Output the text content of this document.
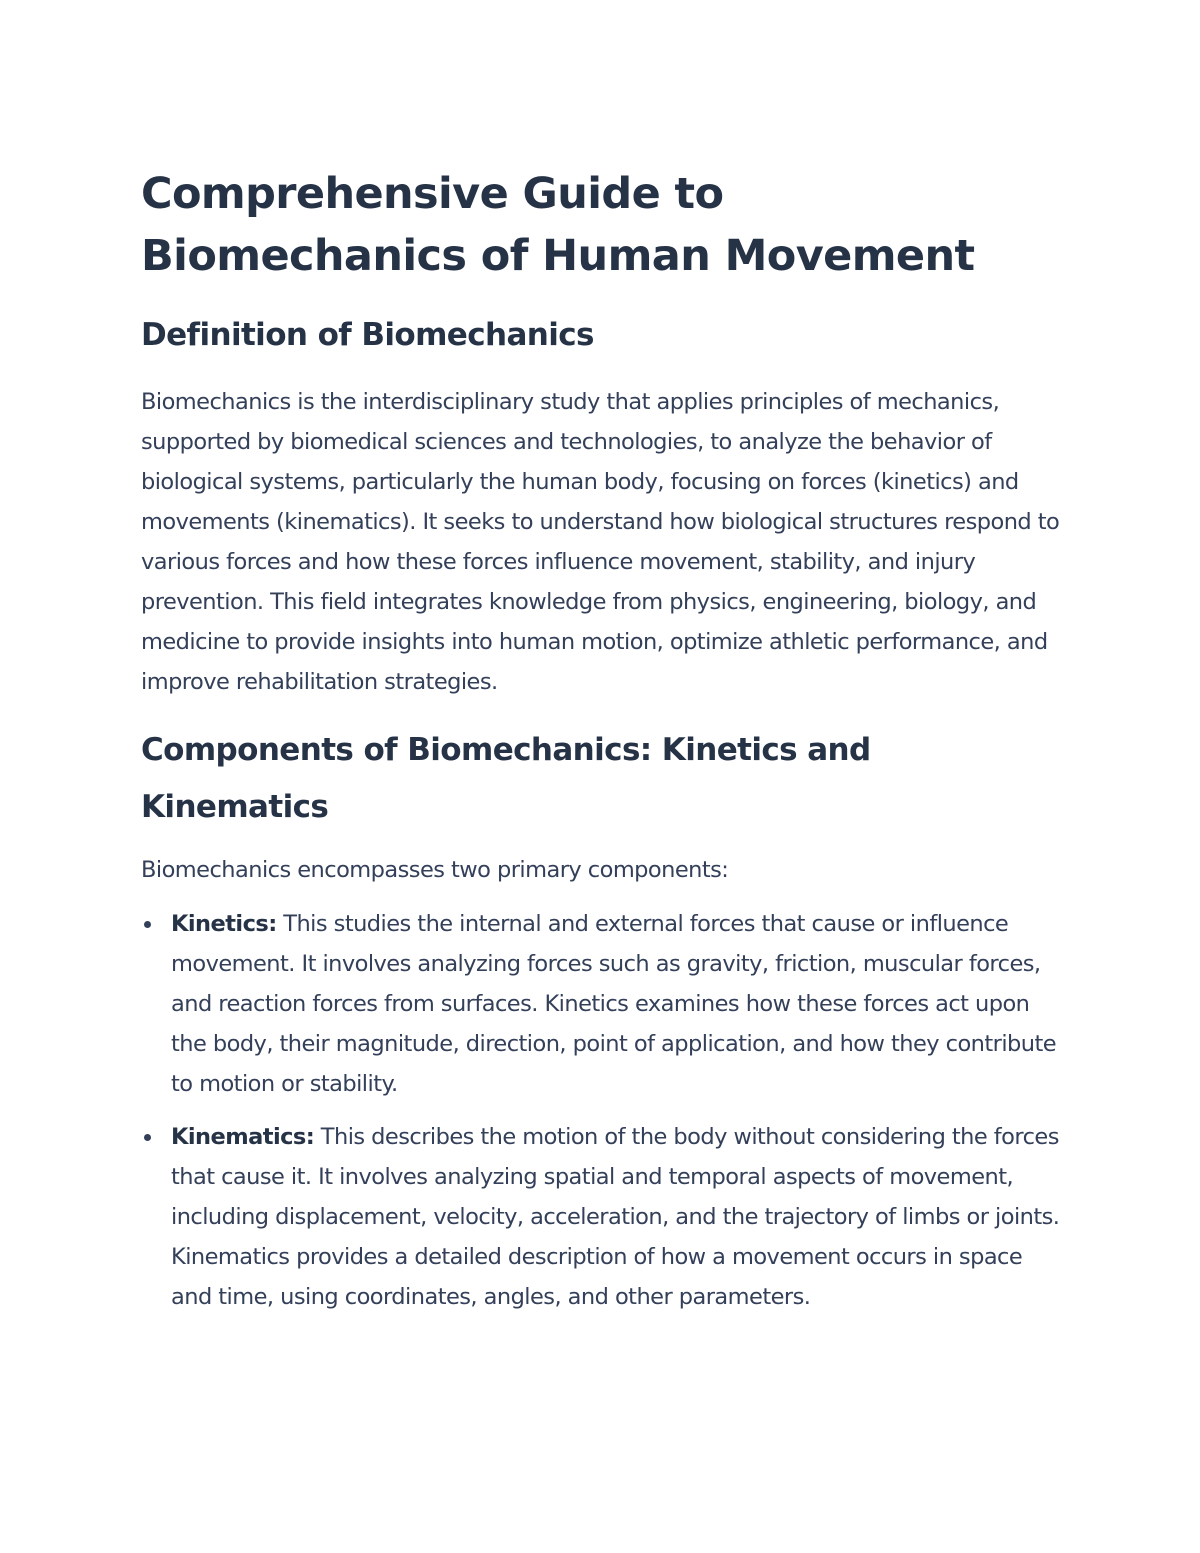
Comprehensive Guide to Biomechanics of Human Movement
Definition of Biomechanics

Biomechanics is the interdisciplinary study that applies principles of mechanics, supported by biomedical sciences and technologies, to analyze the behavior of biological systems, particularly the human body, focusing on forces (kinetics) and movements (kinematics). It seeks to understand how biological structures respond to various forces and how these forces influence movement, stability, and injury prevention. This field integrates knowledge from physics, engineering, biology, and medicine to provide insights into human motion, optimize athletic performance, and improve rehabilitation strategies.

Components of Biomechanics: Kinetics and Kinematics

Biomechanics encompasses two primary components:

Kinetics: This studies the internal and external forces that cause or influence movement. It involves analyzing forces such as gravity, friction, muscular forces, and reaction forces from surfaces. Kinetics examines how these forces act upon the body, their magnitude, direction, point of application, and how they contribute to motion or stability.
Kinematics: This describes the motion of the body without considering the forces that cause it. It involves analyzing spatial and temporal aspects of movement, including displacement, velocity, acceleration, and the trajectory of limbs or joints. Kinematics provides a detailed description of how a movement occurs in space and time, using coordinates, angles, and other parameters.
